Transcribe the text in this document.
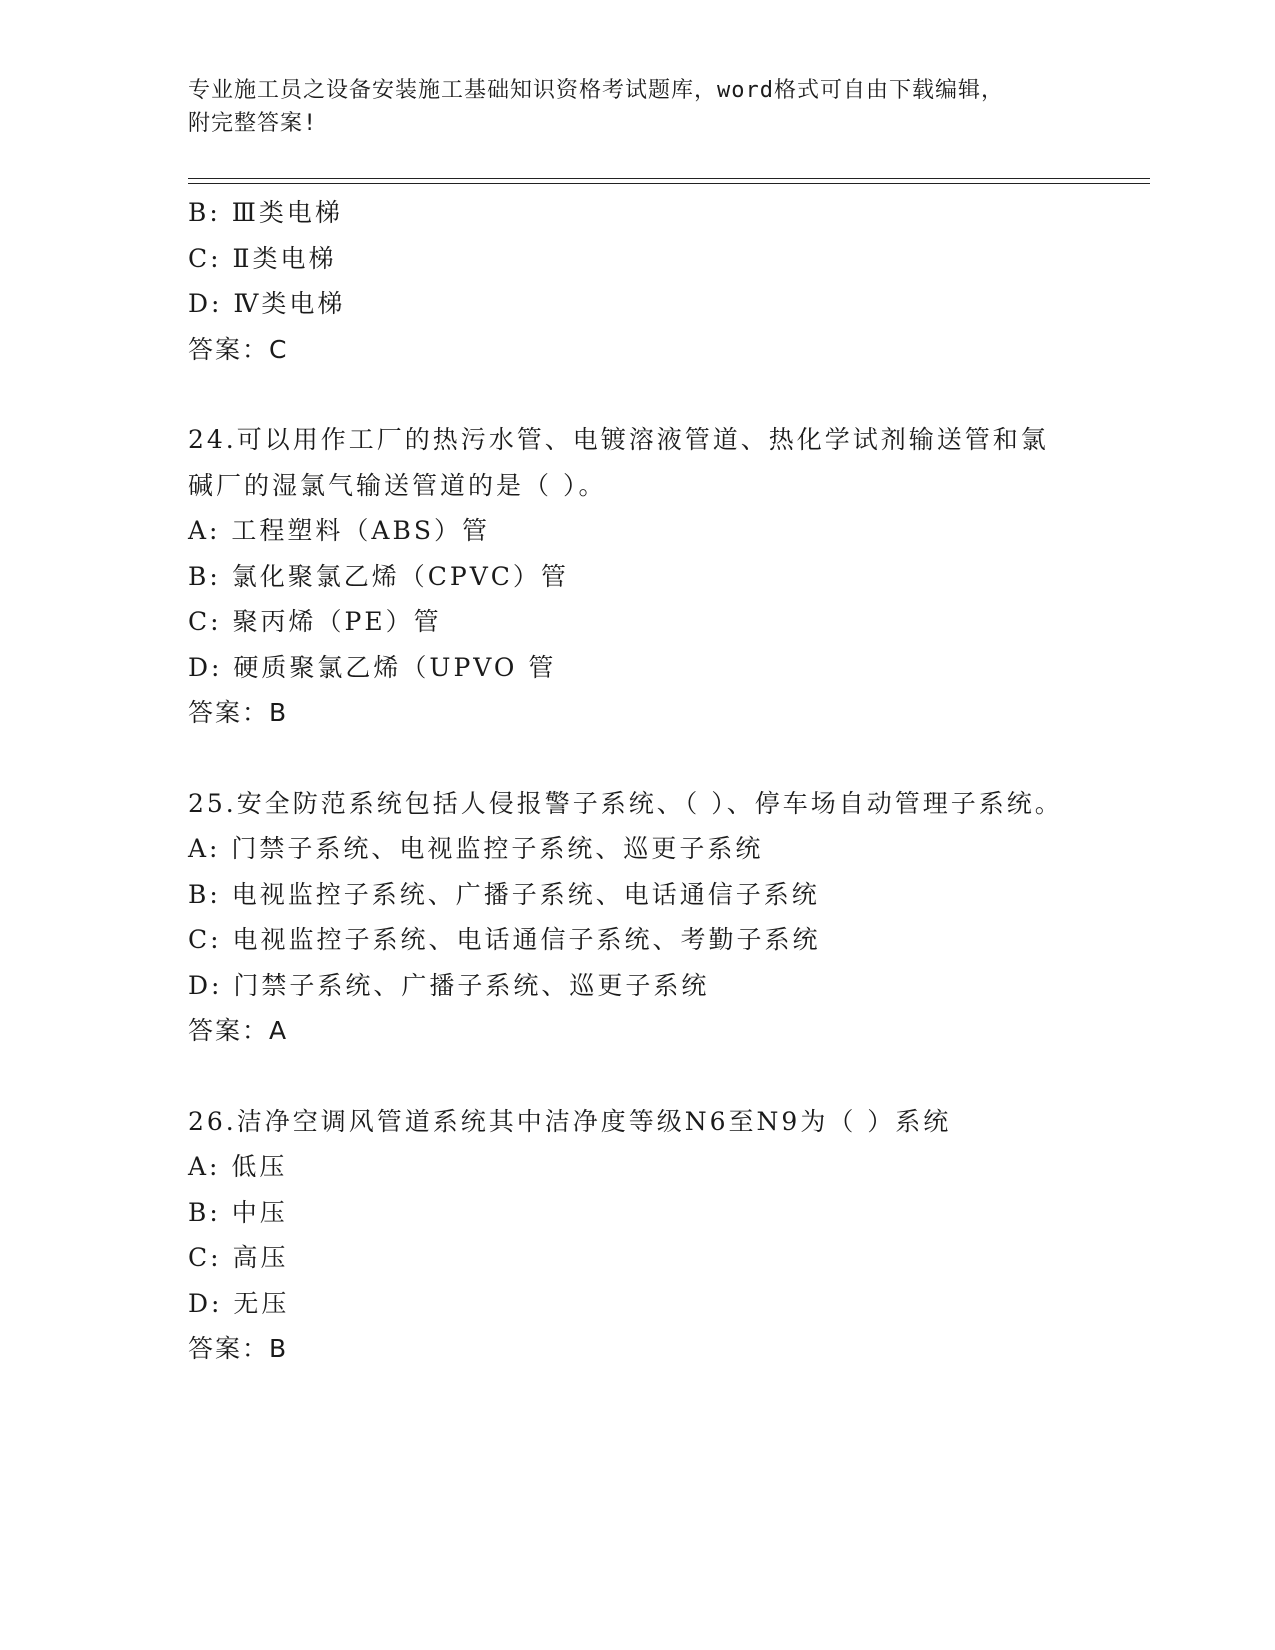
专业施工员之设备安装施工基础知识资格考试题库，word格式可自由下载编辑，
附完整答案!
B: Ⅲ类电梯
C: Ⅱ类电梯
D: Ⅳ类电梯
答案：C
24.可以用作工厂的热污水管、电镀溶液管道、热化学试剂输送管和氯碱厂的湿氯气输送管道的是（ ）。
A: 工程塑料（ABS）管
B: 氯化聚氯乙烯（CPVC）管
C: 聚丙烯（PE）管
D: 硬质聚氯乙烯（UPVO 管
答案：B
25.安全防范系统包括人侵报警子系统、（ ）、停车场自动管理子系统。
A: 门禁子系统、电视监控子系统、巡更子系统
B: 电视监控子系统、广播子系统、电话通信子系统
C: 电视监控子系统、电话通信子系统、考勤子系统
D: 门禁子系统、广播子系统、巡更子系统
答案：A
26.洁净空调风管道系统其中洁净度等级N6至N9为（ ）系统
A: 低压
B: 中压
C: 高压
D: 无压
答案：B
